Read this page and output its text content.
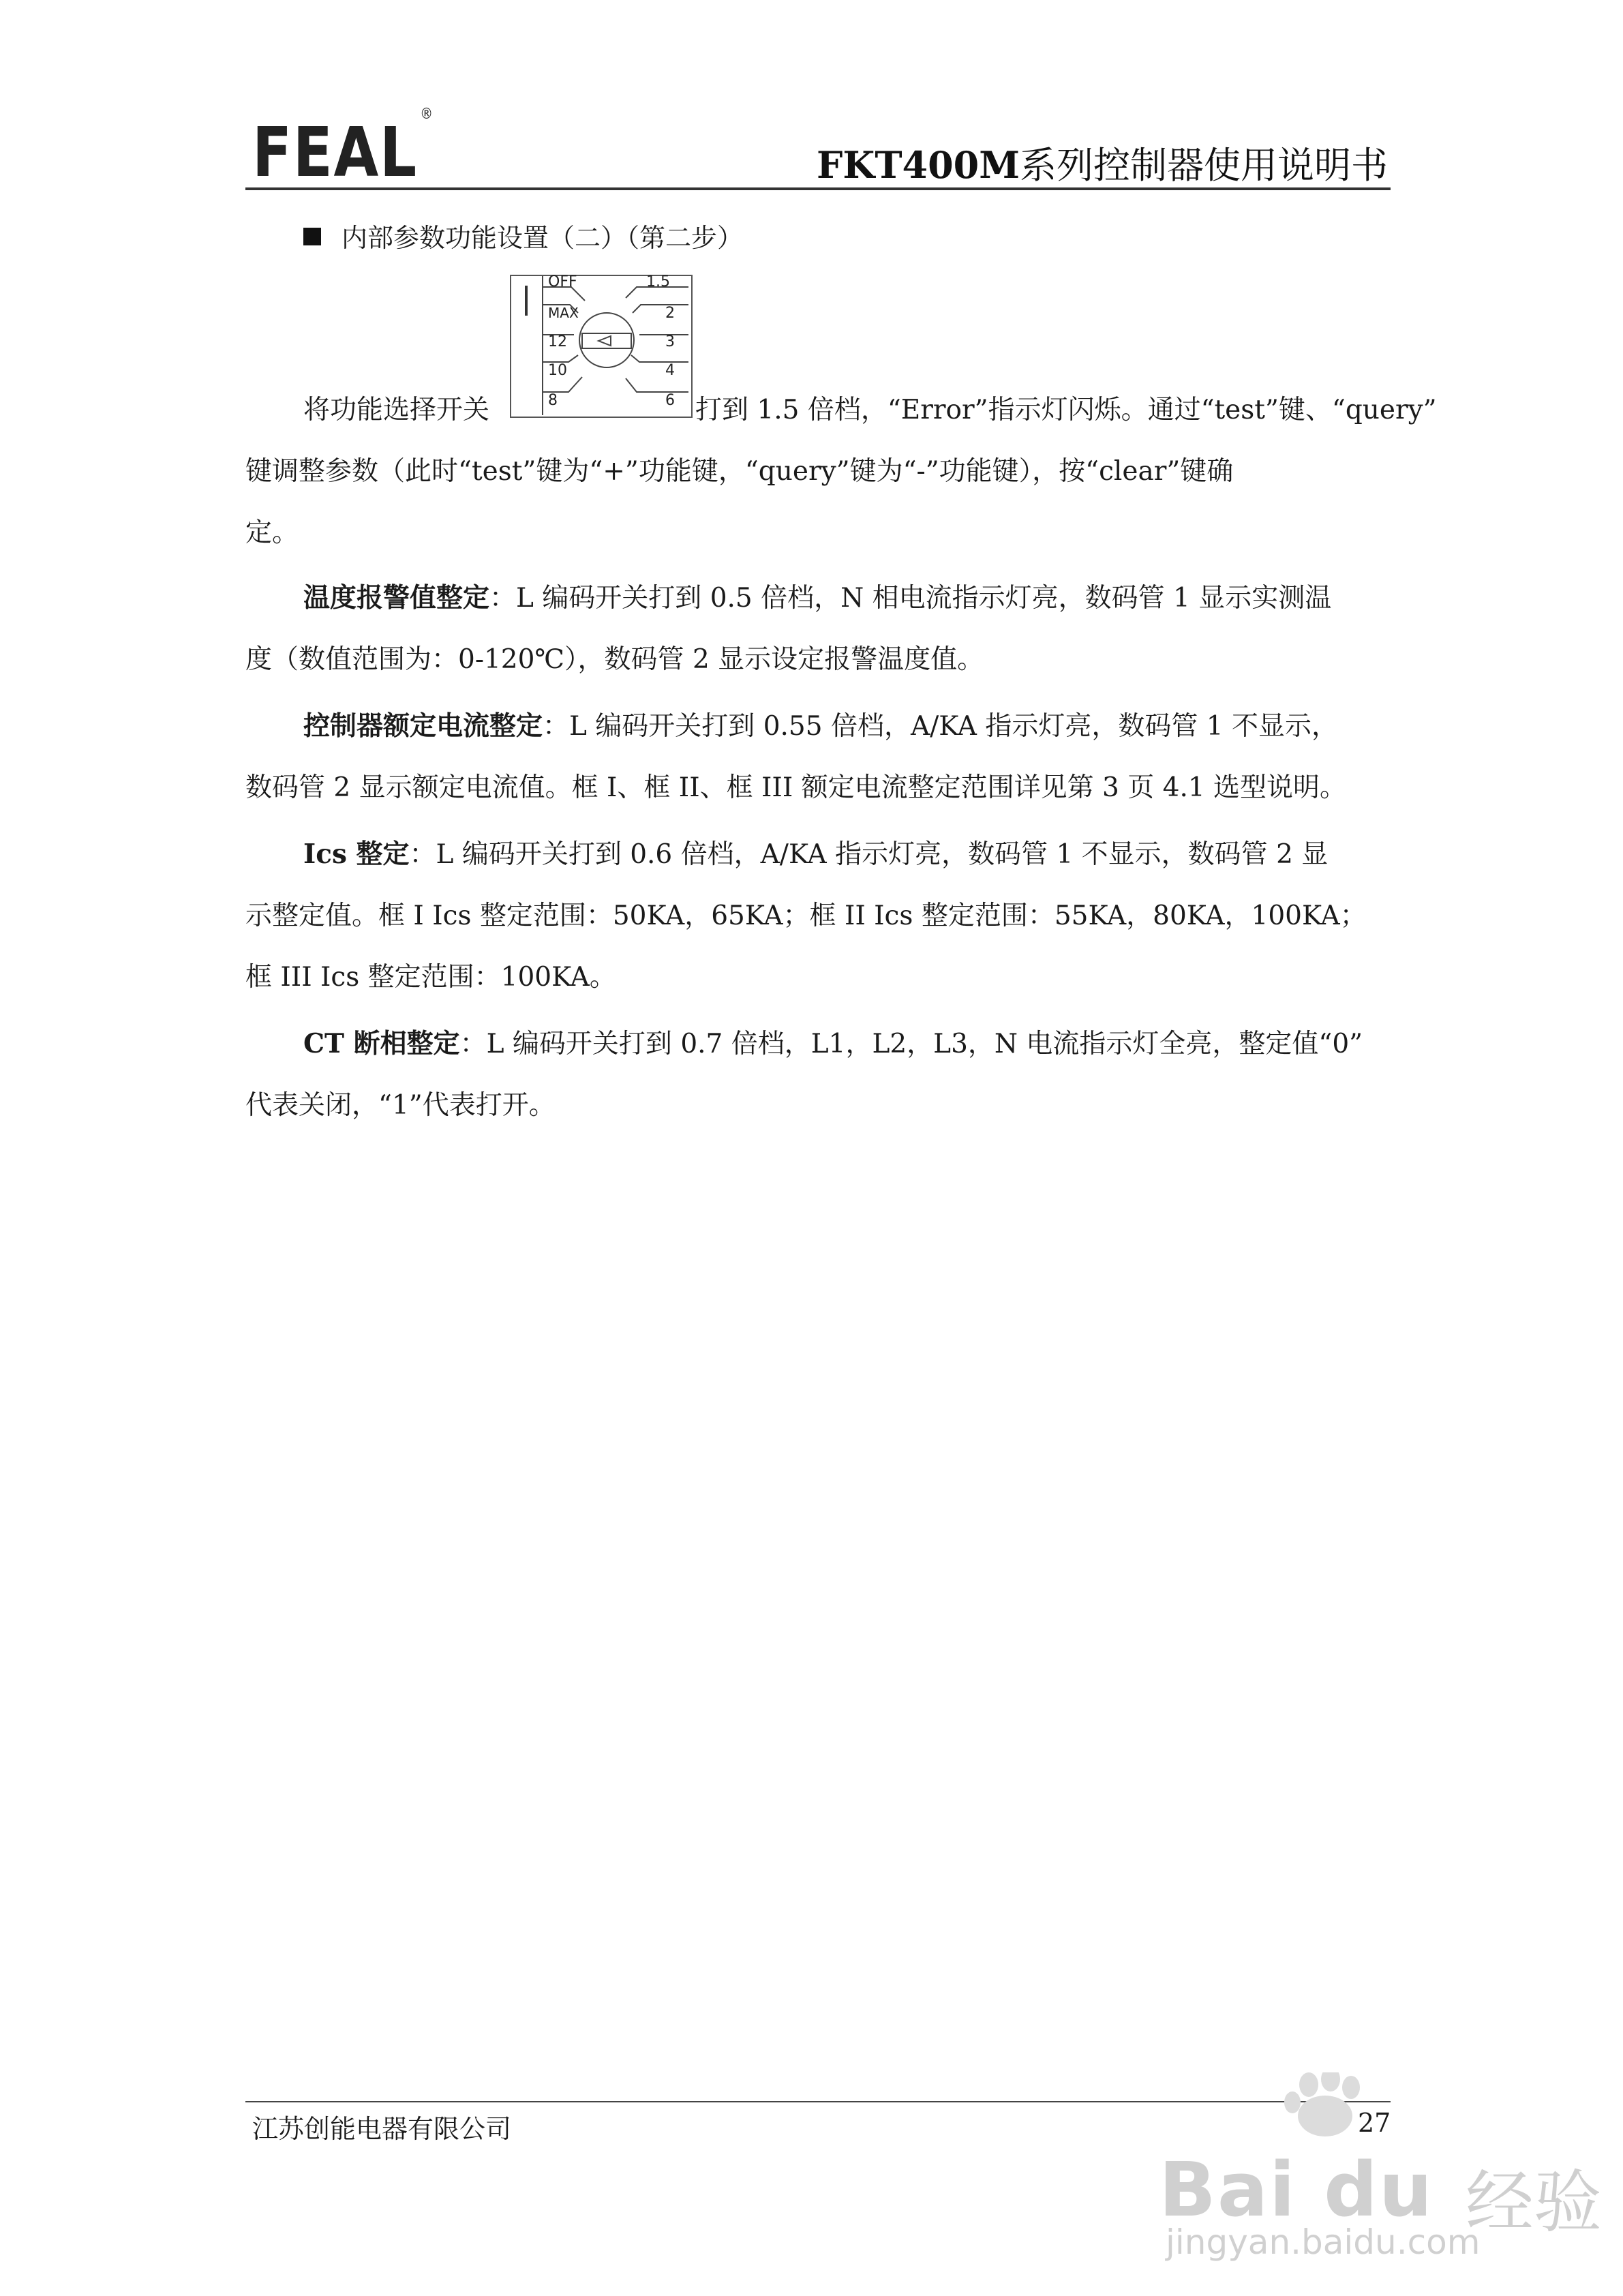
FEAL ®
FKT400M系列控制器使用说明书
内部参数功能设置（二）（第二步）
OFF
MAX
12
10
8
1.5
2
3
4
6
将功能选择开关	打到 1.5 倍档，“Error”指示灯闪烁。通过“test”键、“query”
键调整参数（此时“test”键为“+”功能键，“query”键为“-”功能键），按“clear”键确
定。
温度报警值整定：L 编码开关打到 0.5 倍档，N 相电流指示灯亮，数码管 1 显示实测温
度（数值范围为：0-120℃），数码管 2 显示设定报警温度值。
控制器额定电流整定：L 编码开关打到 0.55 倍档，A/KA 指示灯亮，数码管 1 不显示，
数码管 2 显示额定电流值。框 I、框 II、框 III 额定电流整定范围详见第 3 页 4.1 选型说明。
Ics 整定：L 编码开关打到 0.6 倍档，A/KA 指示灯亮，数码管 1 不显示，数码管 2 显
示整定值。框 I Ics 整定范围：50KA，65KA；框 II Ics 整定范围：55KA，80KA，100KA；
框 III Ics 整定范围：100KA。
CT 断相整定：L 编码开关打到 0.7 倍档，L1，L2，L3，N 电流指示灯全亮，整定值“0”
代表关闭，“1”代表打开。
江苏创能电器有限公司	27
Bai du 经验
jingyan.baidu.com
